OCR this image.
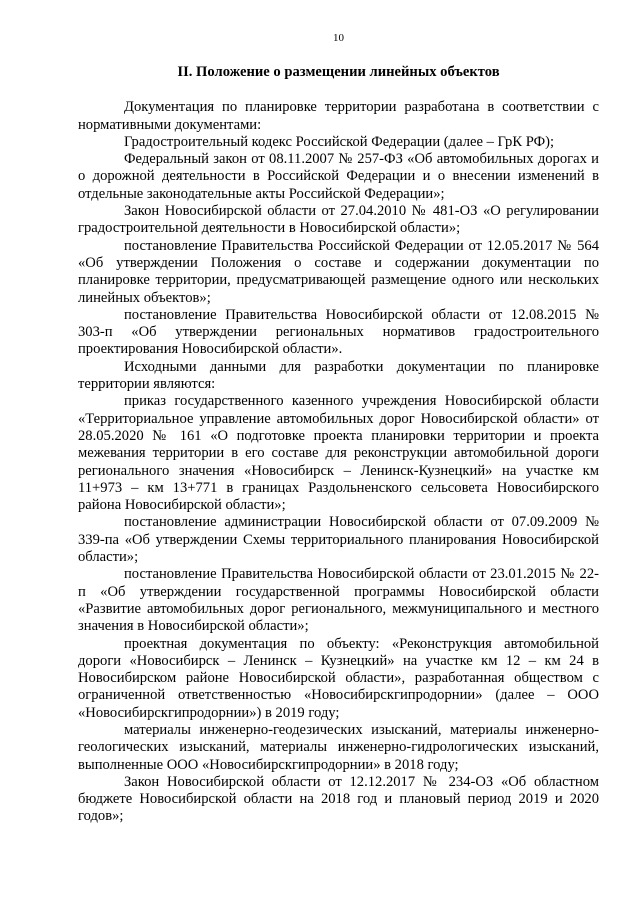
10
II. Положение о размещении линейных объектов

Документация по планировке территории разработана в соответствии с нормативными документами:

Градостроительный кодекс Российской Федерации (далее – ГрК РФ);

Федеральный закон от 08.11.2007 № 257-ФЗ «Об автомобильных дорогах и о дорожной деятельности в Российской Федерации и о внесении изменений в отдельные законодательные акты Российской Федерации»;

Закон Новосибирской области от 27.04.2010 № 481-ОЗ «О регулировании градостроительной деятельности в Новосибирской области»;

постановление Правительства Российской Федерации от 12.05.2017 № 564 «Об утверждении Положения о составе и содержании документации по планировке территории, предусматривающей размещение одного или нескольких линейных объектов»;

постановление Правительства Новосибирской области от 12.08.2015 № 303-п «Об утверждении региональных нормативов градостроительного проектирования Новосибирской области».

Исходными данными для разработки документации по планировке территории являются:

приказ государственного казенного учреждения Новосибирской области «Территориальное управление автомобильных дорог Новосибирской области» от 28.05.2020 № 161 «О подготовке проекта планировки территории и проекта межевания территории в его составе для реконструкции автомобильной дороги регионального значения «Новосибирск – Ленинск-Кузнецкий» на участке км 11+973 – км 13+771 в границах Раздольненского сельсовета Новосибирского района Новосибирской области»;

постановление администрации Новосибирской области от 07.09.2009 № 339-па «Об утверждении Схемы территориального планирования Новосибирской области»;

постановление Правительства Новосибирской области от 23.01.2015 № 22-п «Об утверждении государственной программы Новосибирской области «Развитие автомобильных дорог регионального, межмуниципального и местного значения в Новосибирской области»;

проектная документация по объекту: «Реконструкция автомобильной дороги «Новосибирск – Ленинск – Кузнецкий» на участке км 12 – км 24 в Новосибирском районе Новосибирской области», разработанная обществом с ограниченной ответственностью «Новосибирскгипродорнии» (далее – ООО «Новосибирскгипродорнии») в 2019 году;

материалы инженерно-геодезических изысканий, материалы инженерно-геологических изысканий, материалы инженерно-гидрологических изысканий, выполненные ООО «Новосибирскгипродорнии» в 2018 году;

Закон Новосибирской области от 12.12.2017 № 234-ОЗ «Об областном бюджете Новосибирской области на 2018 год и плановый период 2019 и 2020 годов»;
